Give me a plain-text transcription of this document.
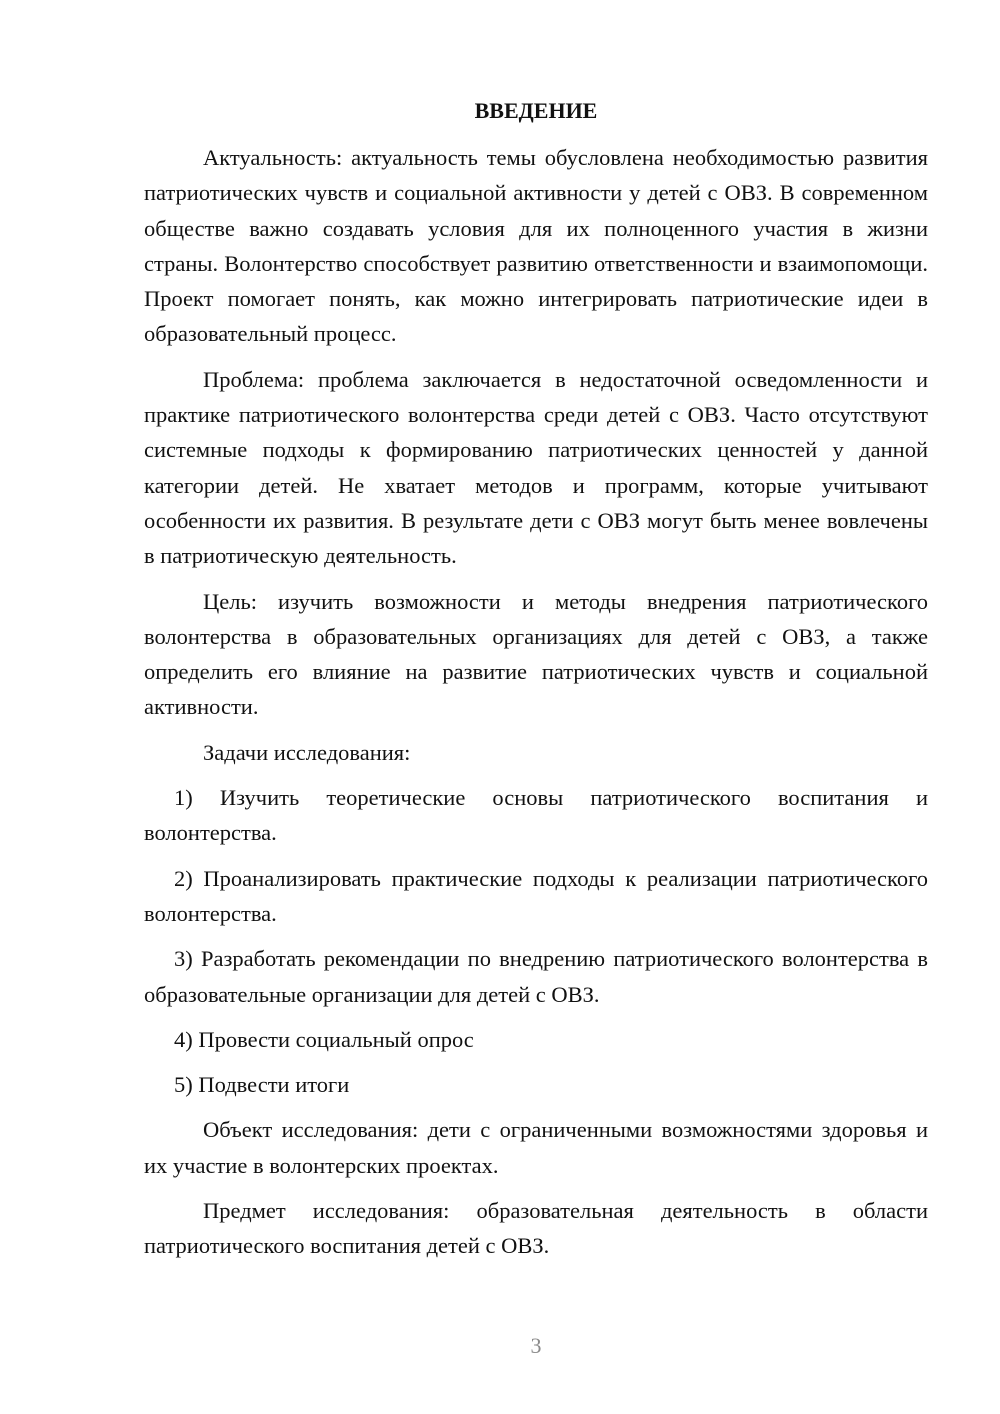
ВВЕДЕНИЕ

Актуальность: актуальность темы обусловлена необходимостью развития патриотических чувств и социальной активности у детей с ОВЗ. В современном обществе важно создавать условия для их полноценного участия в жизни страны. Волонтерство способствует развитию ответственности и взаимопомощи. Проект помогает понять, как можно интегрировать патриотические идеи в образовательный процесс.

Проблема: проблема заключается в недостаточной осведомленности и практике патриотического волонтерства среди детей с ОВЗ. Часто отсутствуют системные подходы к формированию патриотических ценностей у данной категории детей. Не хватает методов и программ, которые учитывают особенности их развития. В результате дети с ОВЗ могут быть менее вовлечены в патриотическую деятельность.

Цель: изучить возможности и методы внедрения патриотического волонтерства в образовательных организациях для детей с ОВЗ, а также определить его влияние на развитие патриотических чувств и социальной активности.

Задачи исследования:

1) Изучить теоретические основы патриотического воспитания и волонтерства.

2) Проанализировать практические подходы к реализации патриотического волонтерства.

3) Разработать рекомендации по внедрению патриотического волонтерства в образовательные организации для детей с ОВЗ.

4) Провести социальный опрос

5) Подвести итоги

Объект исследования: дети с ограниченными возможностями здоровья и их участие в волонтерских проектах.

Предмет исследования: образовательная деятельность в области патриотического воспитания детей с ОВЗ.

3
